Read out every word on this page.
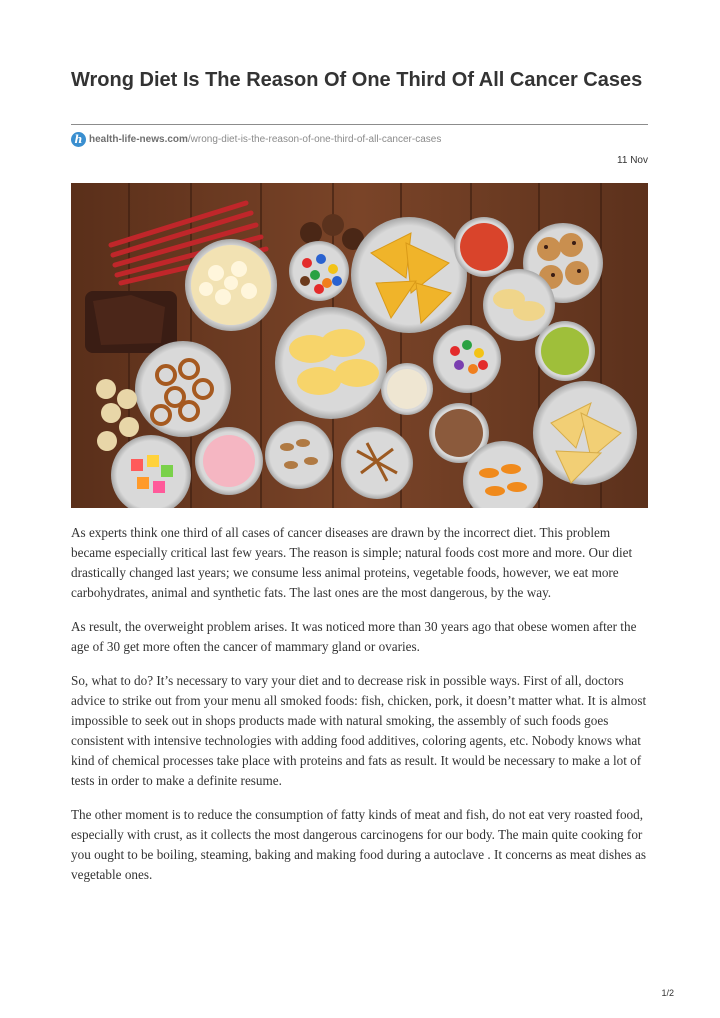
Wrong Diet Is The Reason Of One Third Of All Cancer Cases
h health-life-news.com/wrong-diet-is-the-reason-of-one-third-of-all-cancer-cases
11 Nov

As experts think one third of all cases of cancer diseases are drawn by the incorrect diet. This problem became especially critical last few years. The reason is simple; natural foods cost more and more. Our diet drastically changed last years; we consume less animal proteins, vegetable foods, however, we eat more carbohydrates, animal and synthetic fats. The last ones are the most dangerous, by the way.

As result, the overweight problem arises. It was noticed more than 30 years ago that obese women after the age of 30 get more often the cancer of mammary gland or ovaries.

So, what to do? It’s necessary to vary your diet and to decrease risk in possible ways. First of all, doctors advice to strike out from your menu all smoked foods: fish, chicken, pork, it doesn’t matter what. It is almost impossible to seek out in shops products made with natural smoking, the assembly of such foods goes consistent with intensive technologies with adding food additives, coloring agents, etc. Nobody knows what kind of chemical processes take place with proteins and fats as result. It would be necessary to make a lot of tests in order to make a definite resume.

The other moment is to reduce the consumption of fatty kinds of meat and fish, do not eat very roasted food, especially with crust, as it collects the most dangerous carcinogens for our body. The main quite cooking for you ought to be boiling, steaming, baking and making food during a autoclave . It concerns as meat dishes as vegetable ones.

1/2
